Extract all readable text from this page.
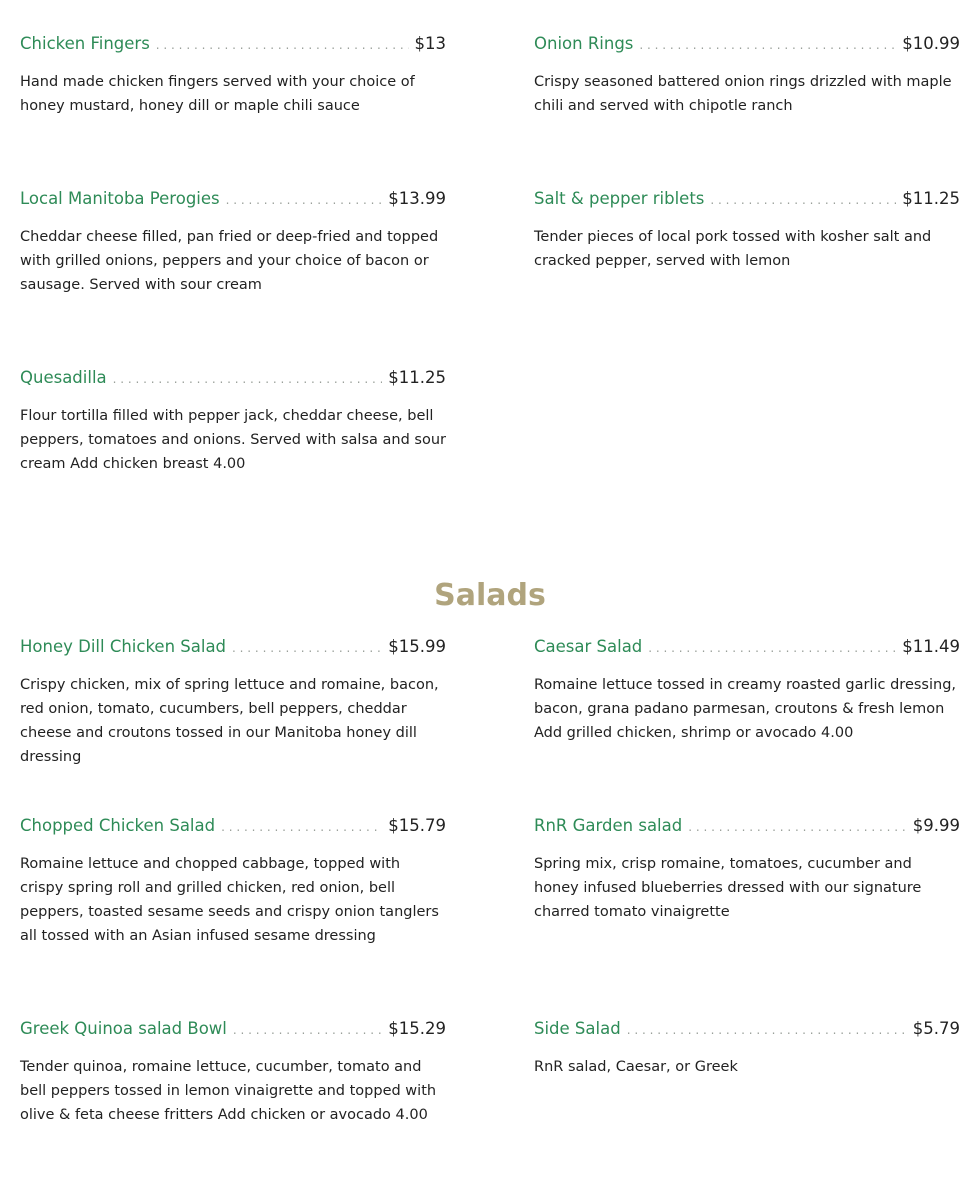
Chicken Fingers . . .	$13
Hand made chicken fingers served with your choice of honey mustard, honey dill or maple chili sauce
Onion Rings . . .	$10.99
Crispy seasoned battered onion rings drizzled with maple chili and served with chipotle ranch
Local Manitoba Perogies . . .	$13.99
Cheddar cheese filled, pan fried or deep-fried and topped with grilled onions, peppers and your choice of bacon or sausage. Served with sour cream
Salt & pepper riblets . . .	$11.25
Tender pieces of local pork tossed with kosher salt and cracked pepper, served with lemon
Quesadilla . . .	$11.25
Flour tortilla filled with pepper jack, cheddar cheese, bell peppers, tomatoes and onions. Served with salsa and sour cream Add chicken breast 4.00
Salads
Honey Dill Chicken Salad . . .	$15.99
Crispy chicken, mix of spring lettuce and romaine, bacon, red onion, tomato, cucumbers, bell peppers, cheddar cheese and croutons tossed in our Manitoba honey dill dressing
Caesar Salad . . .	$11.49
Romaine lettuce tossed in creamy roasted garlic dressing, bacon, grana padano parmesan, croutons & fresh lemon Add grilled chicken, shrimp or avocado 4.00
Chopped Chicken Salad . . .	$15.79
Romaine lettuce and chopped cabbage, topped with crispy spring roll and grilled chicken, red onion, bell peppers, toasted sesame seeds and crispy onion tanglers all tossed with an Asian infused sesame dressing
RnR Garden salad . . .	$9.99
Spring mix, crisp romaine, tomatoes, cucumber and honey infused blueberries dressed with our signature charred tomato vinaigrette
Greek Quinoa salad Bowl . . .	$15.29
Tender quinoa, romaine lettuce, cucumber, tomato and bell peppers tossed in lemon vinaigrette and topped with olive & feta cheese fritters Add chicken or avocado 4.00
Side Salad . . .	$5.79
RnR salad, Caesar, or Greek
